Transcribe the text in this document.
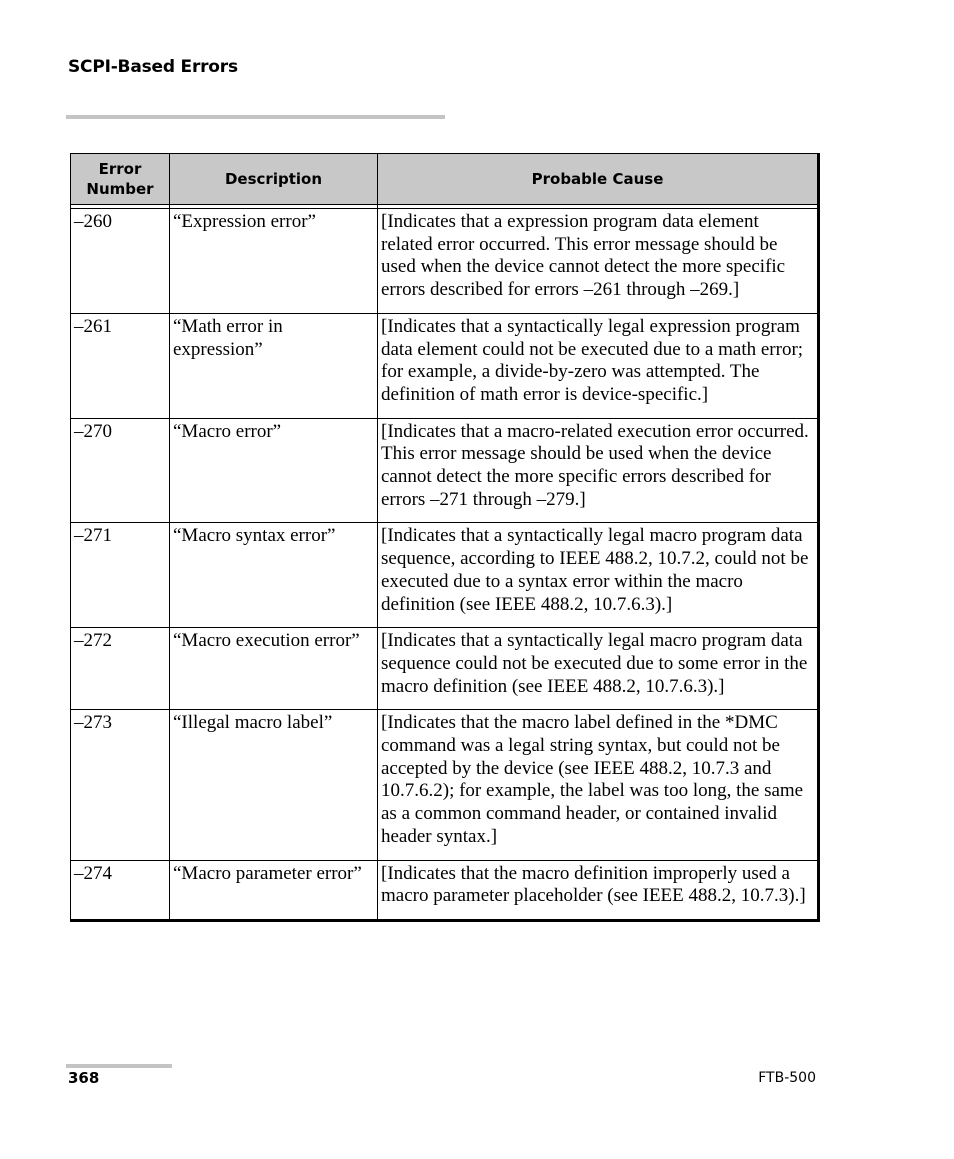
SCPI-Based Errors
Error Number	Description	Probable Cause

–260	“Expression error”	[Indicates that a expression program data element related error occurred. This error message should be used when the device cannot detect the more specific errors described for errors –261 through –269.]
–261	“Math error in expression”	[Indicates that a syntactically legal expression program data element could not be executed due to a math error; for example, a divide-by-zero was attempted. The definition of math error is device-specific.]
–270	“Macro error”	[Indicates that a macro-related execution error occurred. This error message should be used when the device cannot detect the more specific errors described for errors –271 through –279.]
–271	“Macro syntax error”	[Indicates that a syntactically legal macro program data sequence, according to IEEE 488.2, 10.7.2, could not be executed due to a syntax error within the macro definition (see IEEE 488.2, 10.7.6.3).]
–272	“Macro execution error”	[Indicates that a syntactically legal macro program data sequence could not be executed due to some error in the macro definition (see IEEE 488.2, 10.7.6.3).]
–273	“Illegal macro label”	[Indicates that the macro label defined in the *DMC command was a legal string syntax, but could not be accepted by the device (see IEEE 488.2, 10.7.3 and 10.7.6.2); for example, the label was too long, the same as a common command header, or contained invalid header syntax.]
–274	“Macro parameter error”	[Indicates that the macro definition improperly used a macro parameter placeholder (see IEEE 488.2, 10.7.3).]
368	FTB-500
